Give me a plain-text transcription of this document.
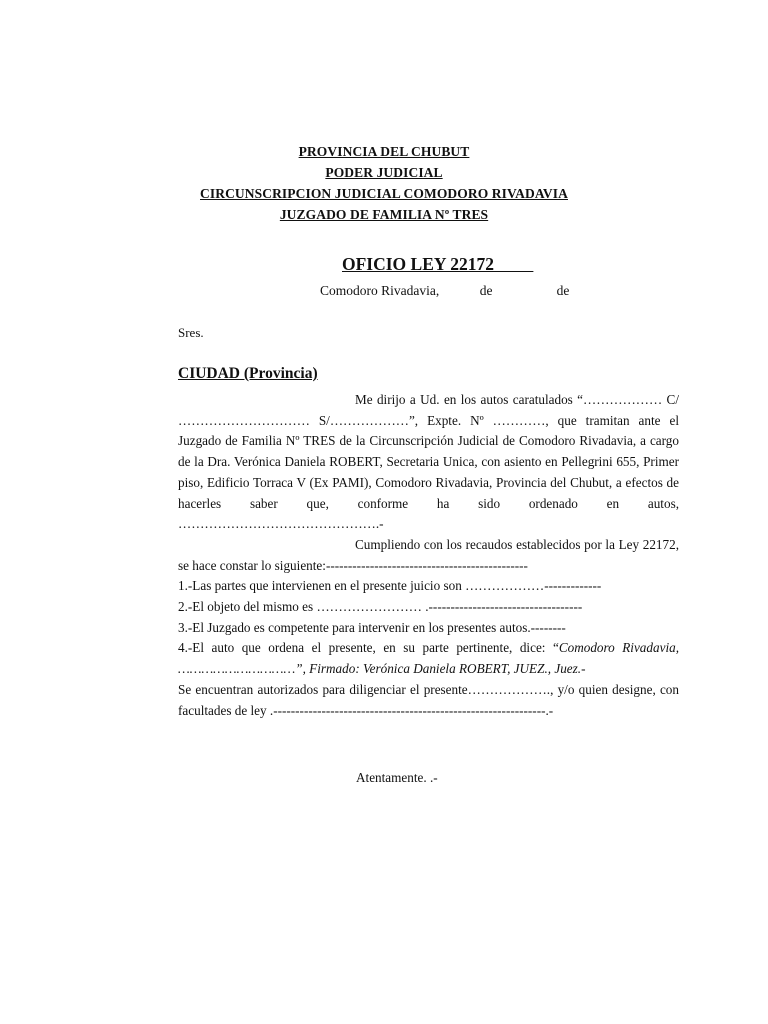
PROVINCIA DEL CHUBUT
PODER JUDICIAL
CIRCUNSCRIPCION JUDICIAL COMODORO RIVADAVIA
JUZGADO DE FAMILIA Nº TRES
OFICIO LEY 22172
Comodoro Rivadavia,            de                   de
Sres.
CIUDAD (Provincia)
Me dirijo a Ud. en los autos caratulados “……………… C/ ………………………… S/………………”, Expte. Nº …………, que tramitan ante el Juzgado de Familia Nº TRES de la Circunscripción Judicial de Comodoro Rivadavia, a cargo de la Dra. Verónica Daniela ROBERT, Secretaria Unica, con asiento en Pellegrini 655, Primer piso, Edificio Torraca V (Ex PAMI), Comodoro Rivadavia, Provincia del Chubut, a efectos de hacerles saber que, conforme ha sido ordenado en autos, ……………………………………….-
Cumpliendo con los recaudos establecidos por la Ley 22172, se hace constar lo siguiente:----------------------------------------------
1.-Las partes que intervienen en el presente juicio son ………………-------------
2.-El objeto del mismo es …………………… .-----------------------------------
3.-El Juzgado es competente para intervenir en los presentes autos.--------
4.-El auto que ordena el presente, en su parte pertinente, dice: “Comodoro Rivadavia, …………………………”, Firmado: Verónica Daniela ROBERT, JUEZ., Juez.-
Se encuentran autorizados para diligenciar el presente………………., y/o quien designe, con facultades de ley .--------------------------------------------------------------.-
Atentamente. .-
